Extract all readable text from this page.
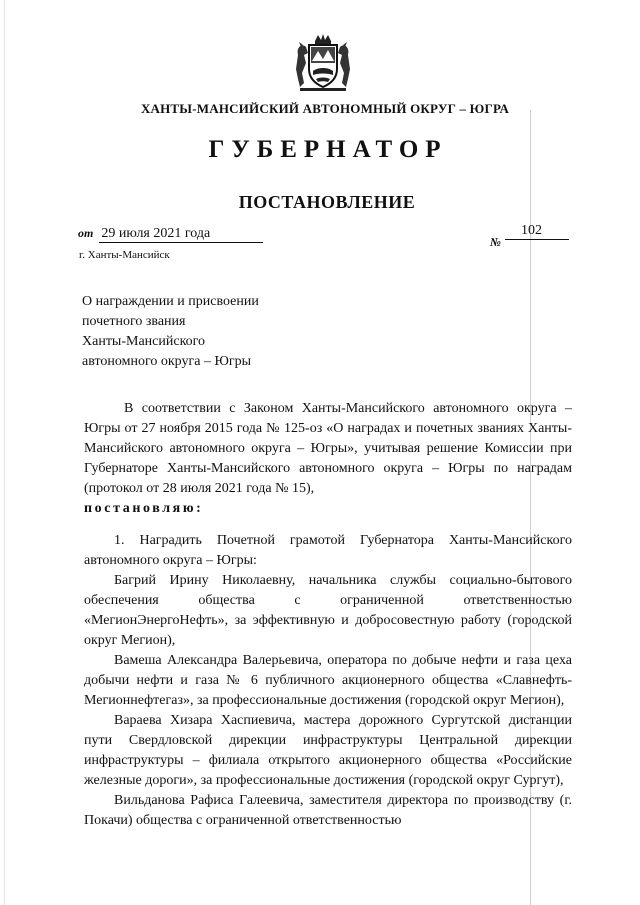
ХАНТЫ-МАНСИЙСКИЙ АВТОНОМНЫЙ ОКРУГ – ЮГРА
ГУБЕРНАТОР
ПОСТАНОВЛЕНИЕ
от 29 июля 2021 года
№102
г. Ханты-Мансийск
О награждении и присвоении
почетного звания
Ханты-Мансийского
автономного округа – Югры

В соответствии с Законом Ханты-Мансийского автономного округа – Югры от 27 ноября 2015 года № 125-оз «О наградах и почетных званиях Ханты-Мансийского автономного округа – Югры», учитывая решение Комиссии при Губернаторе Ханты-Мансийского автономного округа – Югры по наградам (протокол от 28 июля 2021 года № 15),
постановляю:

1. Наградить Почетной грамотой Губернатора Ханты-Мансийского автономного округа – Югры:

Багрий Ирину Николаевну, начальника службы социально-бытового обеспечения общества с ограниченной ответственностью «МегионЭнергоНефть», за эффективную и добросовестную работу (городской округ Мегион),

Вамеша Александра Валерьевича, оператора по добыче нефти и газа цеха добычи нефти и газа № 6 публичного акционерного общества «Славнефть-Мегионнефтегаз», за профессиональные достижения (городской округ Мегион),

Вараева Хизара Хаспиевича, мастера дорожного Сургутской дистанции пути Свердловской дирекции инфраструктуры Центральной дирекции инфраструктуры – филиала открытого акционерного общества «Российские железные дороги», за профессиональные достижения (городской округ Сургут),

Вильданова Рафиса Галеевича, заместителя директора по производству (г. Покачи) общества с ограниченной ответственностью
